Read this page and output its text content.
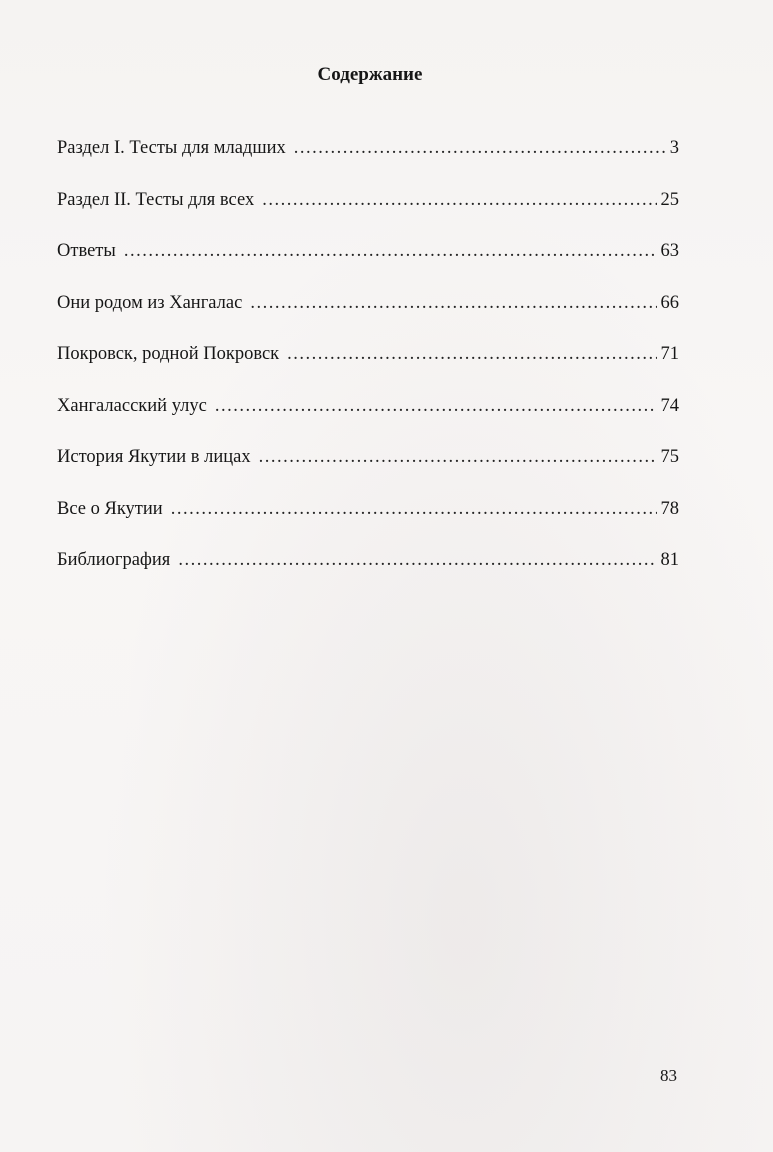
Содержание
Раздел I. Тесты для младших .....	3
Раздел II. Тесты для всех .....	25
Ответы .....	63
Они родом из Хангалас .....	66
Покровск, родной Покровск .....	71
Хангаласский улус .....	74
История Якутии в лицах .....	75
Все о Якутии .....	78
Библиография .....	81
83
